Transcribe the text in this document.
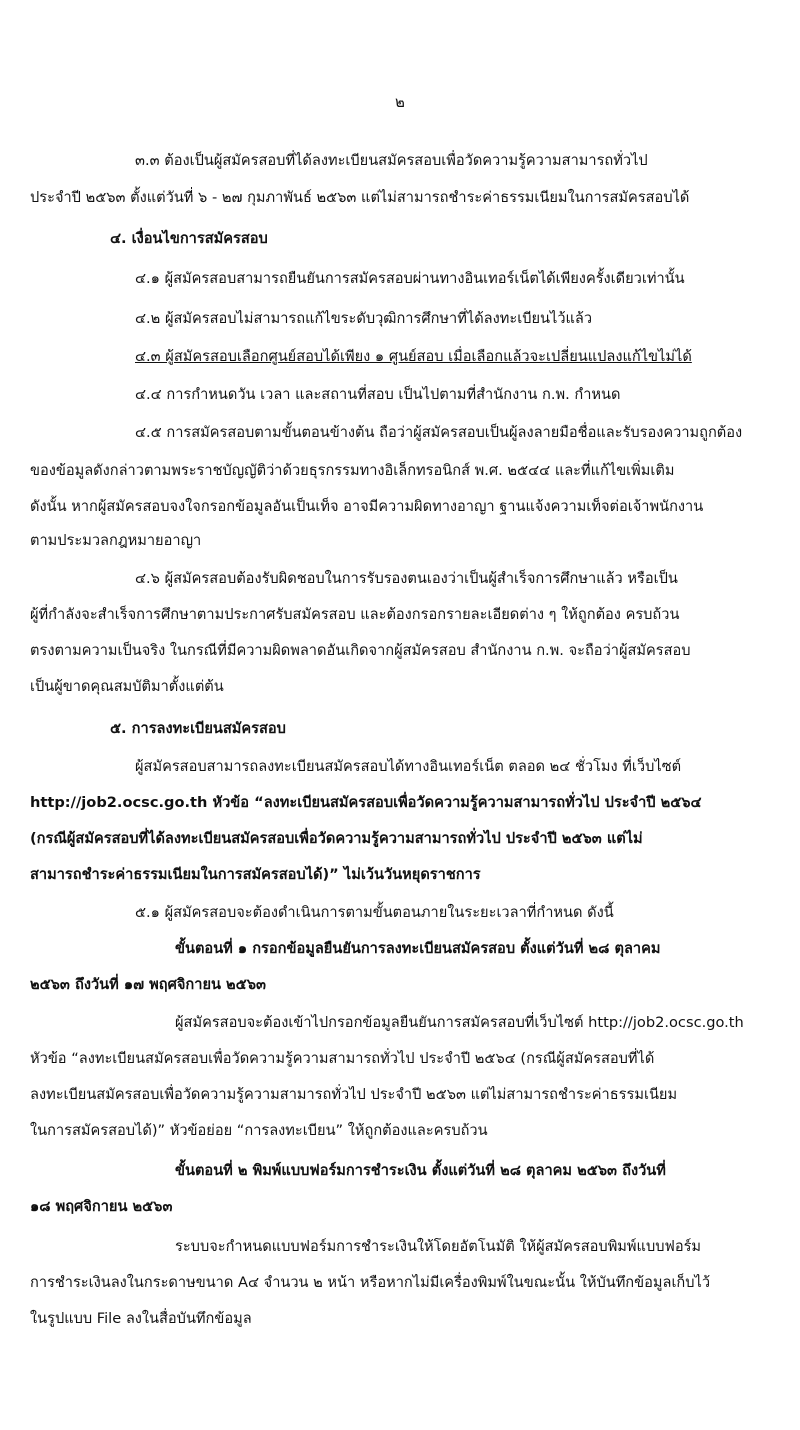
๒

๓.๓ ต้องเป็นผู้สมัครสอบที่ได้ลงทะเบียนสมัครสอบเพื่อวัดความรู้ความสามารถทั่วไป

ประจำปี ๒๕๖๓ ตั้งแต่วันที่ ๖ - ๒๗ กุมภาพันธ์ ๒๕๖๓ แต่ไม่สามารถชำระค่าธรรมเนียมในการสมัครสอบได้

๔. เงื่อนไขการสมัครสอบ

๔.๑ ผู้สมัครสอบสามารถยืนยันการสมัครสอบผ่านทางอินเทอร์เน็ตได้เพียงครั้งเดียวเท่านั้น

๔.๒ ผู้สมัครสอบไม่สามารถแก้ไขระดับวุฒิการศึกษาที่ได้ลงทะเบียนไว้แล้ว

๔.๓ ผู้สมัครสอบเลือกศูนย์สอบได้เพียง ๑ ศูนย์สอบ เมื่อเลือกแล้วจะเปลี่ยนแปลงแก้ไขไม่ได้

๔.๔ การกำหนดวัน เวลา และสถานที่สอบ เป็นไปตามที่สำนักงาน ก.พ. กำหนด

๔.๕ การสมัครสอบตามขั้นตอนข้างต้น ถือว่าผู้สมัครสอบเป็นผู้ลงลายมือชื่อและรับรองความถูกต้อง

ของข้อมูลดังกล่าวตามพระราชบัญญัติว่าด้วยธุรกรรมทางอิเล็กทรอนิกส์ พ.ศ. ๒๕๔๔ และที่แก้ไขเพิ่มเติม

ดังนั้น หากผู้สมัครสอบจงใจกรอกข้อมูลอันเป็นเท็จ อาจมีความผิดทางอาญา ฐานแจ้งความเท็จต่อเจ้าพนักงาน

ตามประมวลกฎหมายอาญา

๔.๖ ผู้สมัครสอบต้องรับผิดชอบในการรับรองตนเองว่าเป็นผู้สำเร็จการศึกษาแล้ว หรือเป็น

ผู้ที่กำลังจะสำเร็จการศึกษาตามประกาศรับสมัครสอบ และต้องกรอกรายละเอียดต่าง ๆ ให้ถูกต้อง ครบถ้วน

ตรงตามความเป็นจริง ในกรณีที่มีความผิดพลาดอันเกิดจากผู้สมัครสอบ สำนักงาน ก.พ. จะถือว่าผู้สมัครสอบ

เป็นผู้ขาดคุณสมบัติมาตั้งแต่ต้น

๕. การลงทะเบียนสมัครสอบ

ผู้สมัครสอบสามารถลงทะเบียนสมัครสอบได้ทางอินเทอร์เน็ต ตลอด ๒๔ ชั่วโมง ที่เว็บไซต์

http://job2.ocsc.go.th หัวข้อ “ลงทะเบียนสมัครสอบเพื่อวัดความรู้ความสามารถทั่วไป ประจำปี ๒๕๖๔

(กรณีผู้สมัครสอบที่ได้ลงทะเบียนสมัครสอบเพื่อวัดความรู้ความสามารถทั่วไป ประจำปี ๒๕๖๓ แต่ไม่

สามารถชำระค่าธรรมเนียมในการสมัครสอบได้)” ไม่เว้นวันหยุดราชการ

๕.๑ ผู้สมัครสอบจะต้องดำเนินการตามขั้นตอนภายในระยะเวลาที่กำหนด ดังนี้

ขั้นตอนที่ ๑ กรอกข้อมูลยืนยันการลงทะเบียนสมัครสอบ ตั้งแต่วันที่ ๒๘ ตุลาคม

๒๕๖๓ ถึงวันที่ ๑๗ พฤศจิกายน ๒๕๖๓

ผู้สมัครสอบจะต้องเข้าไปกรอกข้อมูลยืนยันการสมัครสอบที่เว็บไซต์ http://job2.ocsc.go.th

หัวข้อ “ลงทะเบียนสมัครสอบเพื่อวัดความรู้ความสามารถทั่วไป ประจำปี ๒๕๖๔ (กรณีผู้สมัครสอบที่ได้

ลงทะเบียนสมัครสอบเพื่อวัดความรู้ความสามารถทั่วไป ประจำปี ๒๕๖๓ แต่ไม่สามารถชำระค่าธรรมเนียม

ในการสมัครสอบได้)” หัวข้อย่อย “การลงทะเบียน” ให้ถูกต้องและครบถ้วน

ขั้นตอนที่ ๒ พิมพ์แบบฟอร์มการชำระเงิน ตั้งแต่วันที่ ๒๘ ตุลาคม ๒๕๖๓ ถึงวันที่

๑๘ พฤศจิกายน ๒๕๖๓

ระบบจะกำหนดแบบฟอร์มการชำระเงินให้โดยอัตโนมัติ ให้ผู้สมัครสอบพิมพ์แบบฟอร์ม

การชำระเงินลงในกระดาษขนาด A๔ จำนวน ๒ หน้า หรือหากไม่มีเครื่องพิมพ์ในขณะนั้น ให้บันทึกข้อมูลเก็บไว้

ในรูปแบบ File ลงในสื่อบันทึกข้อมูล
